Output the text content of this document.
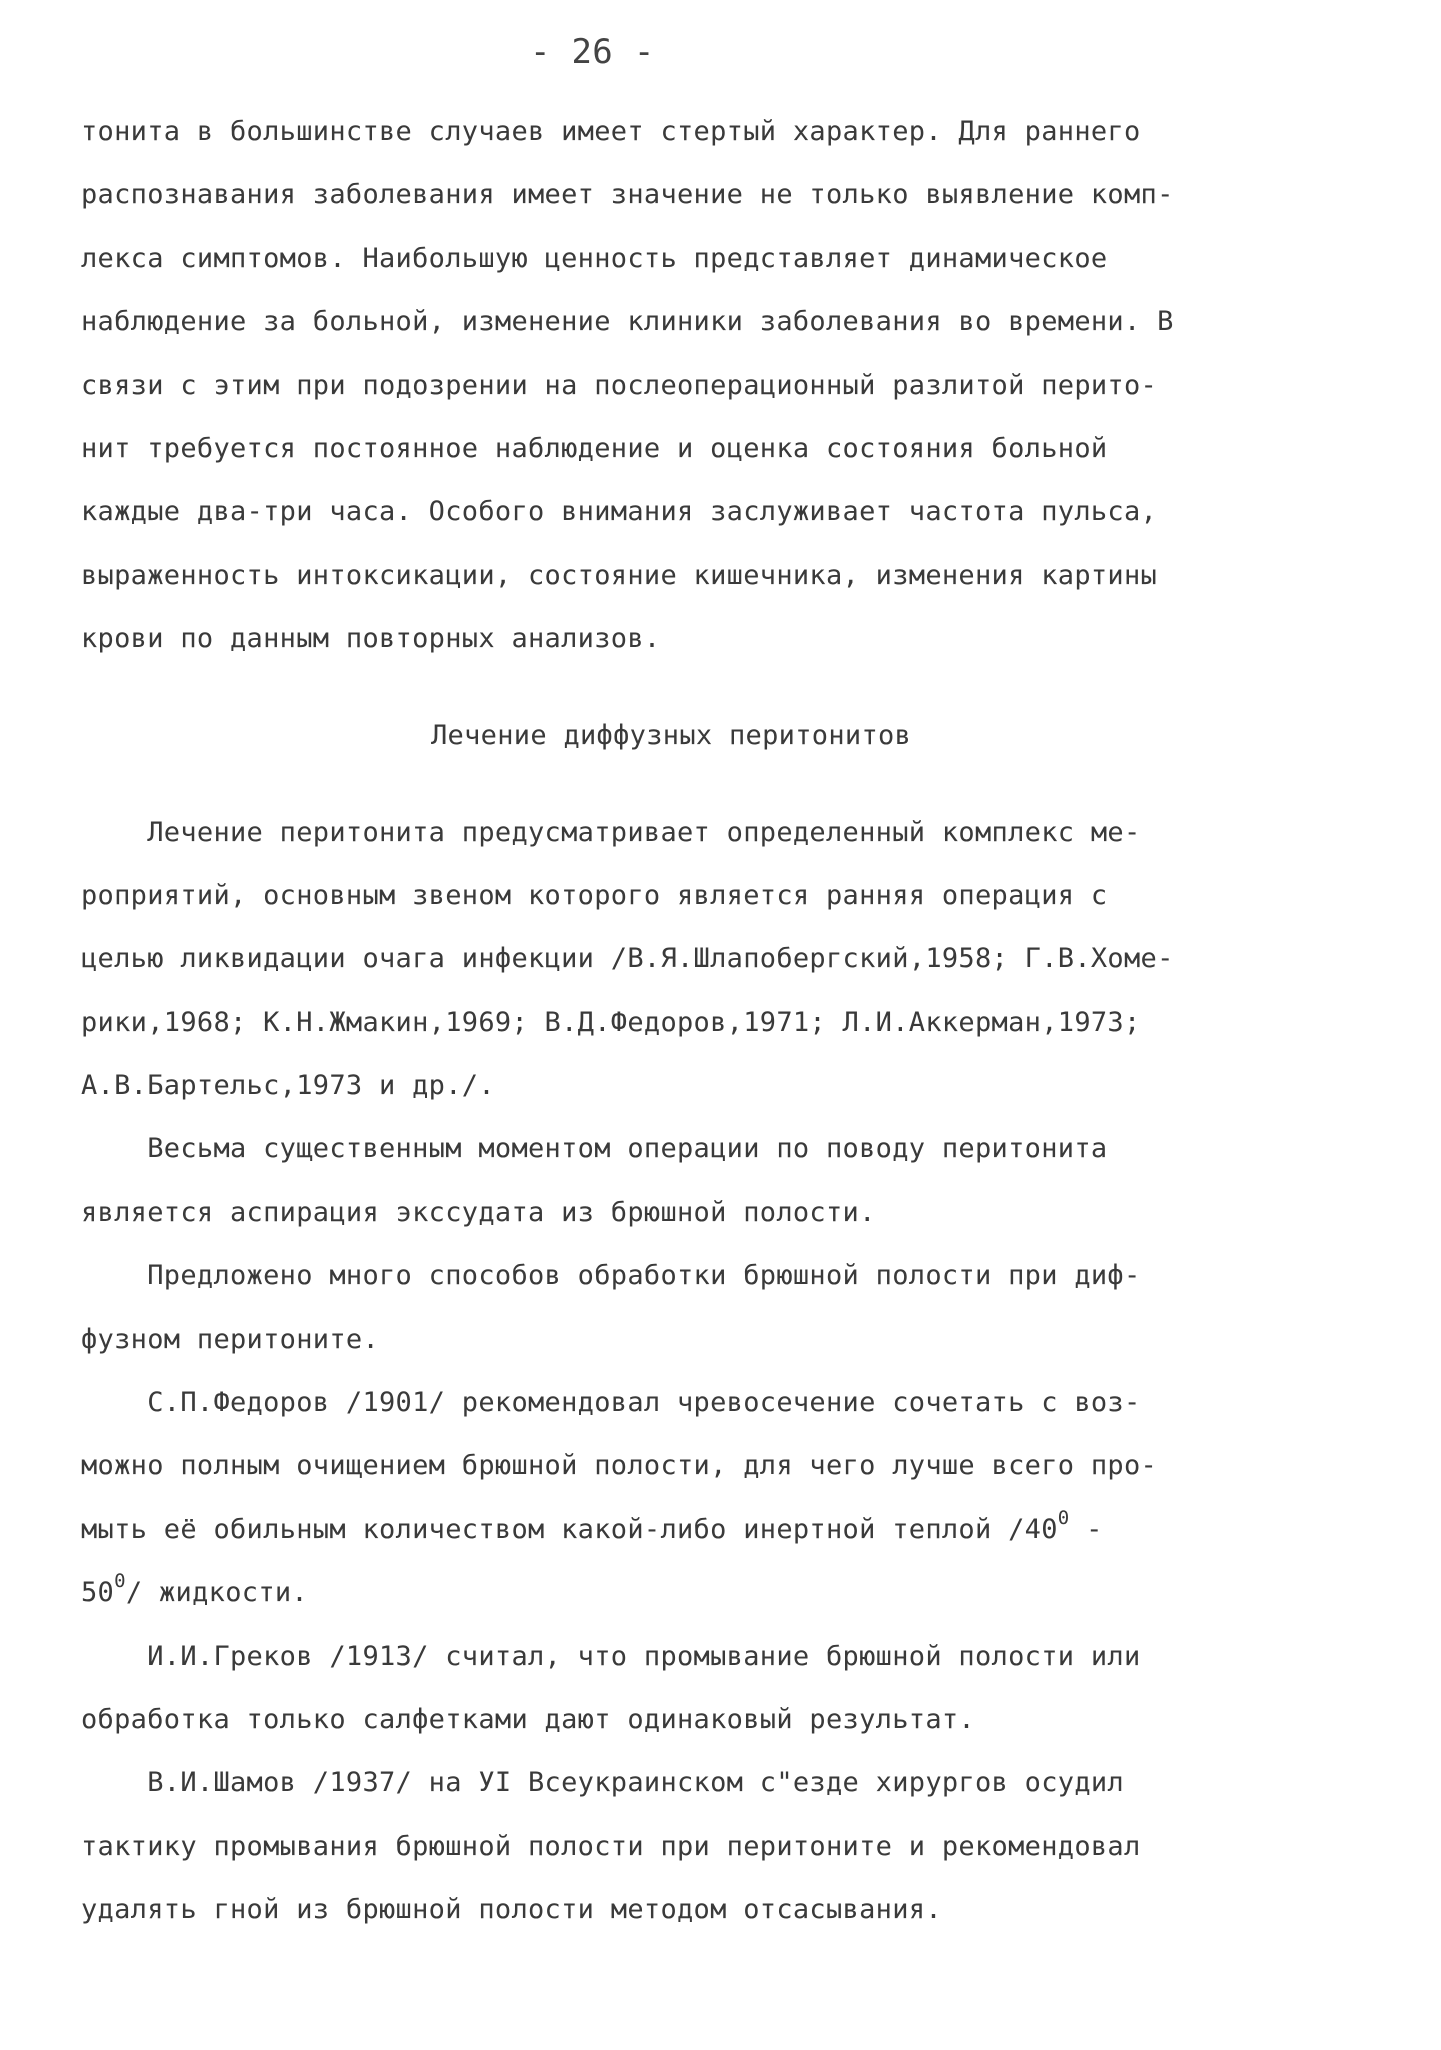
- 26 -
тонита в большинстве случаев имеет стертый характер. Для раннего
распознавания заболевания имеет значение не только выявление комп-
лекса симптомов. Наибольшую ценность представляет динамическое
наблюдение за больной, изменение клиники заболевания во времени. В
связи с этим при подозрении на послеоперационный разлитой перито-
нит требуется постоянное наблюдение и оценка состояния больной
каждые два-три часа. Особого внимания заслуживает частота пульса,
выраженность интоксикации, состояние кишечника, изменения картины
крови по данным повторных анализов.
Лечение диффузных перитонитов
Лечение перитонита предусматривает определенный комплекс ме-
роприятий, основным звеном которого является ранняя операция с
целью ликвидации очага инфекции /В.Я.Шлапобергский,1958; Г.В.Хоме-
рики,1968; К.Н.Жмакин,1969; В.Д.Федоров,1971; Л.И.Аккерман,1973;
А.В.Бартельс,1973 и др./.
Весьма существенным моментом операции по поводу перитонита
является аспирация экссудата из брюшной полости.
Предложено много способов обработки брюшной полости при диф-
фузном перитоните.
С.П.Федоров /1901/ рекомендовал чревосечение сочетать с воз-
можно полным очищением брюшной полости, для чего лучше всего про-
мыть её обильным количеством какой-либо инертной теплой $/40^0$ -
$50^0/$ жидкости.
И.И.Греков /1913/ считал, что промывание брюшной полости или
обработка только салфетками дают одинаковый результат.
В.И.Шамов /1937/ на УI Всеукраинском с"езде хирургов осудил
тактику промывания брюшной полости при перитоните и рекомендовал
удалять гной из брюшной полости методом отсасывания.
